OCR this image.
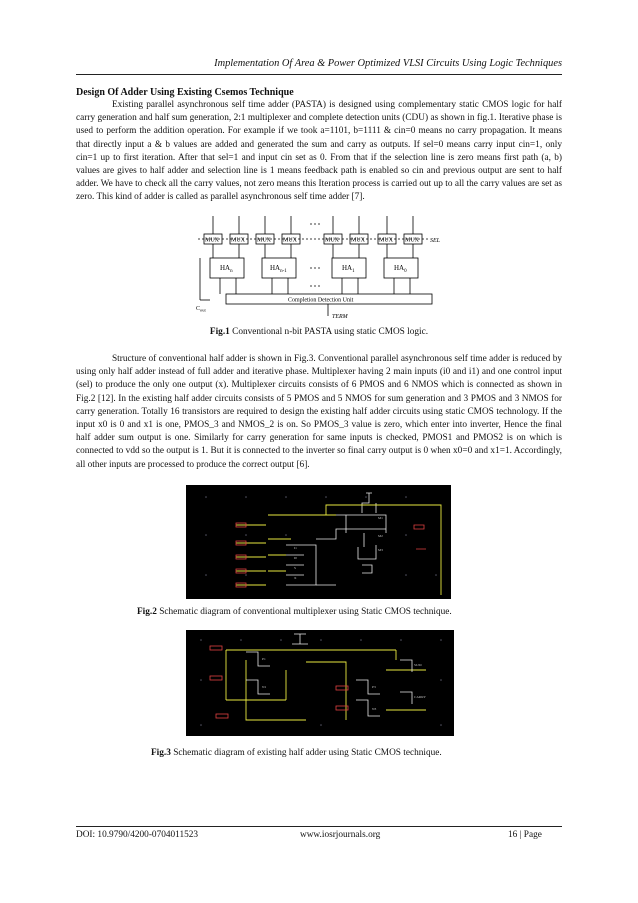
Implementation Of Area & Power Optimized VLSI Circuits Using Logic Techniques
Design Of Adder Using Existing Csemos Technique
Existing parallel asynchronous self time adder (PASTA) is designed using complementary static CMOS logic for half carry generation and half sum generation, 2:1 multiplexer and complete detection units (CDU) as shown in fig.1. Iterative phase is used to perform the addition operation. For example if we took a=1101, b=1111 & cin=0 means no carry propagation. It means that directly input a & b values are added and generated the sum and carry as outputs. If sel=0 means carry input cin=1, only cin=1 up to first iteration. After that sel=1 and input cin set as 0. From that if the selection line is zero means first path (a, b) values are gives to half adder and selection line is 1 means feedback path is enabled so cin and previous output are sent to half adder. We have to check all the carry values, not zero means this Iteration process is carried out up to all the carry values are set as zero. This kind of adder is called as parallel asynchronous self time adder [7].
MUX MUX MUX MUX	MUX MUX MUX MUX
$HA_n$	$HA_{n-1}$	$HA_1$	$HA_0$
Completion Detection Unit
SEL
TERM
$C_{out}$
Fig.1 Conventional n-bit PASTA using static CMOS logic.
Structure of conventional half adder is shown in Fig.3. Conventional parallel asynchronous self time adder is reduced by using only half adder instead of full adder and iterative phase. Multiplexer having 2 main inputs (i0 and i1) and one control input (sel) to produce the only one output (x). Multiplexer circuits consists of 6 PMOS and 6 NMOS which is connected as shown in Fig.2 [12]. In the existing half adder circuits consists of 5 PMOS and 5 NMOS for sum generation and 3 PMOS and 3 NMOS for carry generation. Totally 16 transistors are required to design the existing half adder circuits using static CMOS technology. If the input x0 is 0 and x1 is one, PMOS_3 and NMOS_2 is on. So PMOS_3 value is zero, which enter into inverter, Hence the final half adder sum output is one. Similarly for carry generation for same inputs is checked, PMOS1 and PMOS2 is on which is connected to vdd so the output is 1. But it is connected to the inverter so final carry output is 0 when x0=0 and x1=1. Accordingly, all other inputs are processed to produce the correct output [6].
I1
I0
S
X
M1
M2
M3
Fig.2 Schematic diagram of conventional multiplexer using Static CMOS technique.
P1
N1	P3
N3
SUM
CARRY
Fig.3 Schematic diagram of existing half adder using Static CMOS technique.
DOI: 10.9790/4200-0704011523	www.iosrjournals.org	16 | Page
